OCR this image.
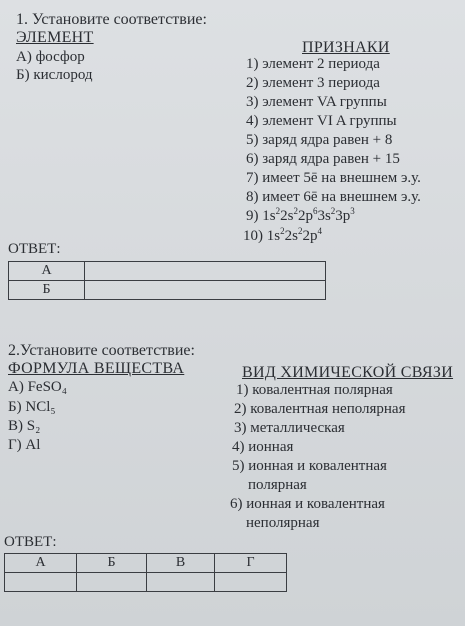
1. Установите соответствие:
ЭЛЕМЕНТ
ПРИЗНАКИ
А) фосфор
Б) кислород
1) элемент 2 периода
2) элемент 3 периода
3) элемент VA группы
4) элемент VI A группы
5) заряд ядра равен + 8
6) заряд ядра равен + 15
7) имеет 5ē на внешнем э.у.
8) имеет 6ē на внешнем э.у.
9) $1s^22s^22p^63s^23p^3$
10) $1s^22s^22p^4$
ОТВЕТ:
А	
Б	
2.Установите соответствие:
ФОРМУЛА ВЕЩЕСТВА	ВИД ХИМИЧЕСКОЙ СВЯЗИ
А) FeSO₄
Б) NCl₅
В) S₂
Г) Al
1) ковалентная полярная
2) ковалентная неполярная
3) металлическая
4) ионная
5) ионная и ковалентная
полярная
6) ионная и ковалентная
неполярная
ОТВЕТ:
А	Б	В	Г
